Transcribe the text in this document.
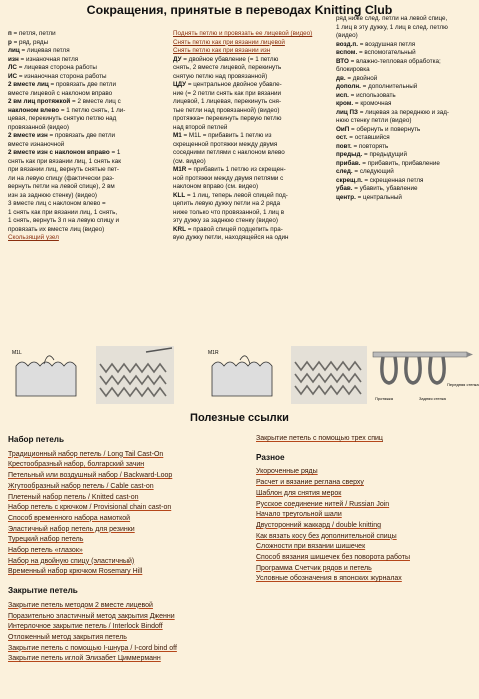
Сокращения, принятые в переводах Knitting Club

п = петля, петли

р = ряд, ряды

лиц = лицевая петля

изн = изнаночная петля

ЛС = лицевая сторона работы

ИС = изнаночная сторона работы

2 вместе лиц = провязать две петли

вместе лицевой с наклоном вправо

2 вм лиц протяжкой = 2 вместе лиц с

наклоном влево = 1 петлю снять, 1 ли-

цевая, перекинуть снятую петлю над

провязанной (видео)

2 вместе изн = провязать две петли

вместе изнаночной

2 вместе изн с наклоном вправо = 1

снять как при вязании лиц, 1 снять как

при вязании лиц, вернуть снятые пет-

ли на левую спицу (фактически раз-

вернуть петли на левой спице), 2 вм

изн за заднюю стенку) (видео)

3 вместе лиц с наклоном влево =

1 снять как при вязании лиц, 1 снять,

1 снять, вернуть 3 п на левую спицу и

провязать их вместе лиц (видео)

Скользящий узел

Поднять петлю и провязать ее лицевой (видео)

Снять петлю как при вязании лицевой

Снять петлю как при вязании изн

ДУ = двойное убавление (= 1 петлю

снять, 2 вместе лицевой, перекинуть

снятую петлю над провязанной)

ЦДУ = центральное двойное убавле-

ние (= 2 петли снять как при вязании

лицевой, 1 лицевая, перекинуть сня-

тые петли над провязанной) (видео)

протяжка= перекинуть первую петлю

над второй петлей

M1 = M1L = прибавить 1 петлю из

скрещенной протяжки между двумя

соседними петлями с наклоном влево

(см. видео)

M1R = прибавить 1 петлю из скрещен-

ной протяжки между двумя петлями с

наклоном вправо (см. видео)

KLL = 1 лиц, теперь левой спицей под-

цепить левую дужку петли на 2 ряда

ниже только что провязанной, 1 лиц в

эту дужку за заднюю стенку (видео)

KRL = правой спицей подцепить пра-

вую дужку петли, находящейся на один

ряд ниже след. петли на левой спице,

1 лиц в эту дужку, 1 лиц в след. петлю

(видео)

возд.п. = воздушная петля

вспом. = вспомогательный

ВТО = влажно-тепловая обработка;

блокировка

дв. = двойной

дополн. = дополнительный

исп. = использовать

кром. = кромочная

лиц ПЗ = лицевая за переднюю и зад-

нюю стенку петли (видео)

ОиП = обернуть и повернуть

ост. = оставшийся

повт. = повторять

предыд. = предыдущий

прибав. = прибавить, прибавление

след. = следующий

скрещ.п. = скрещенная петля

убав. = убавить, убавление

центр. = центральный

M1L	M1R
Протяжка	Задняя стенка
Передняя стенка
Полезные ссылки
Набор петель
Традиционный набор петель / Long Tail Cast-On
Крестообразный набор, болгарский зачин
Петельный или воздушный набор / Backward-Loop
Жгутообразный набор петель / Cable cast-on
Плетеный набор петель / Knitted cast-on
Набор петель с крючком / Provisional chain cast-on
Способ временного набора намоткой
Эластичный набор петель для резинки
Турецкий набор петель
Набор петель «глазок»
Набор на двойную спицу (эластичный)
Временный набор крючком Rosemary Hill
Закрытие петель
Закрытие петель методом 2 вместе лицевой
Поразительно эластичный метод закрытия Дженни
Интерлочное закрытие петель / Interlock Bindoff
Отложенный метод закрытия петель
Закрытие петель с помощью I-шнура / I-cord bind off
Закрытие петель иглой Элизабет Циммерманн
Закрытие петель с помощью трех спиц
Разное
Укороченные ряды
Расчет и вязание реглана сверху
Шаблон для снятия мерок
Русское соединение нитей / Russian Join
Начало треугольной шали
Двусторонний жаккард / double knitting
Как вязать косу без дополнительной спицы
Сложности при вязании шишечек
Способ вязания шишечек без поворота работы
Программа Счетчик рядов и петель
Условные обозначения в японских журналах
